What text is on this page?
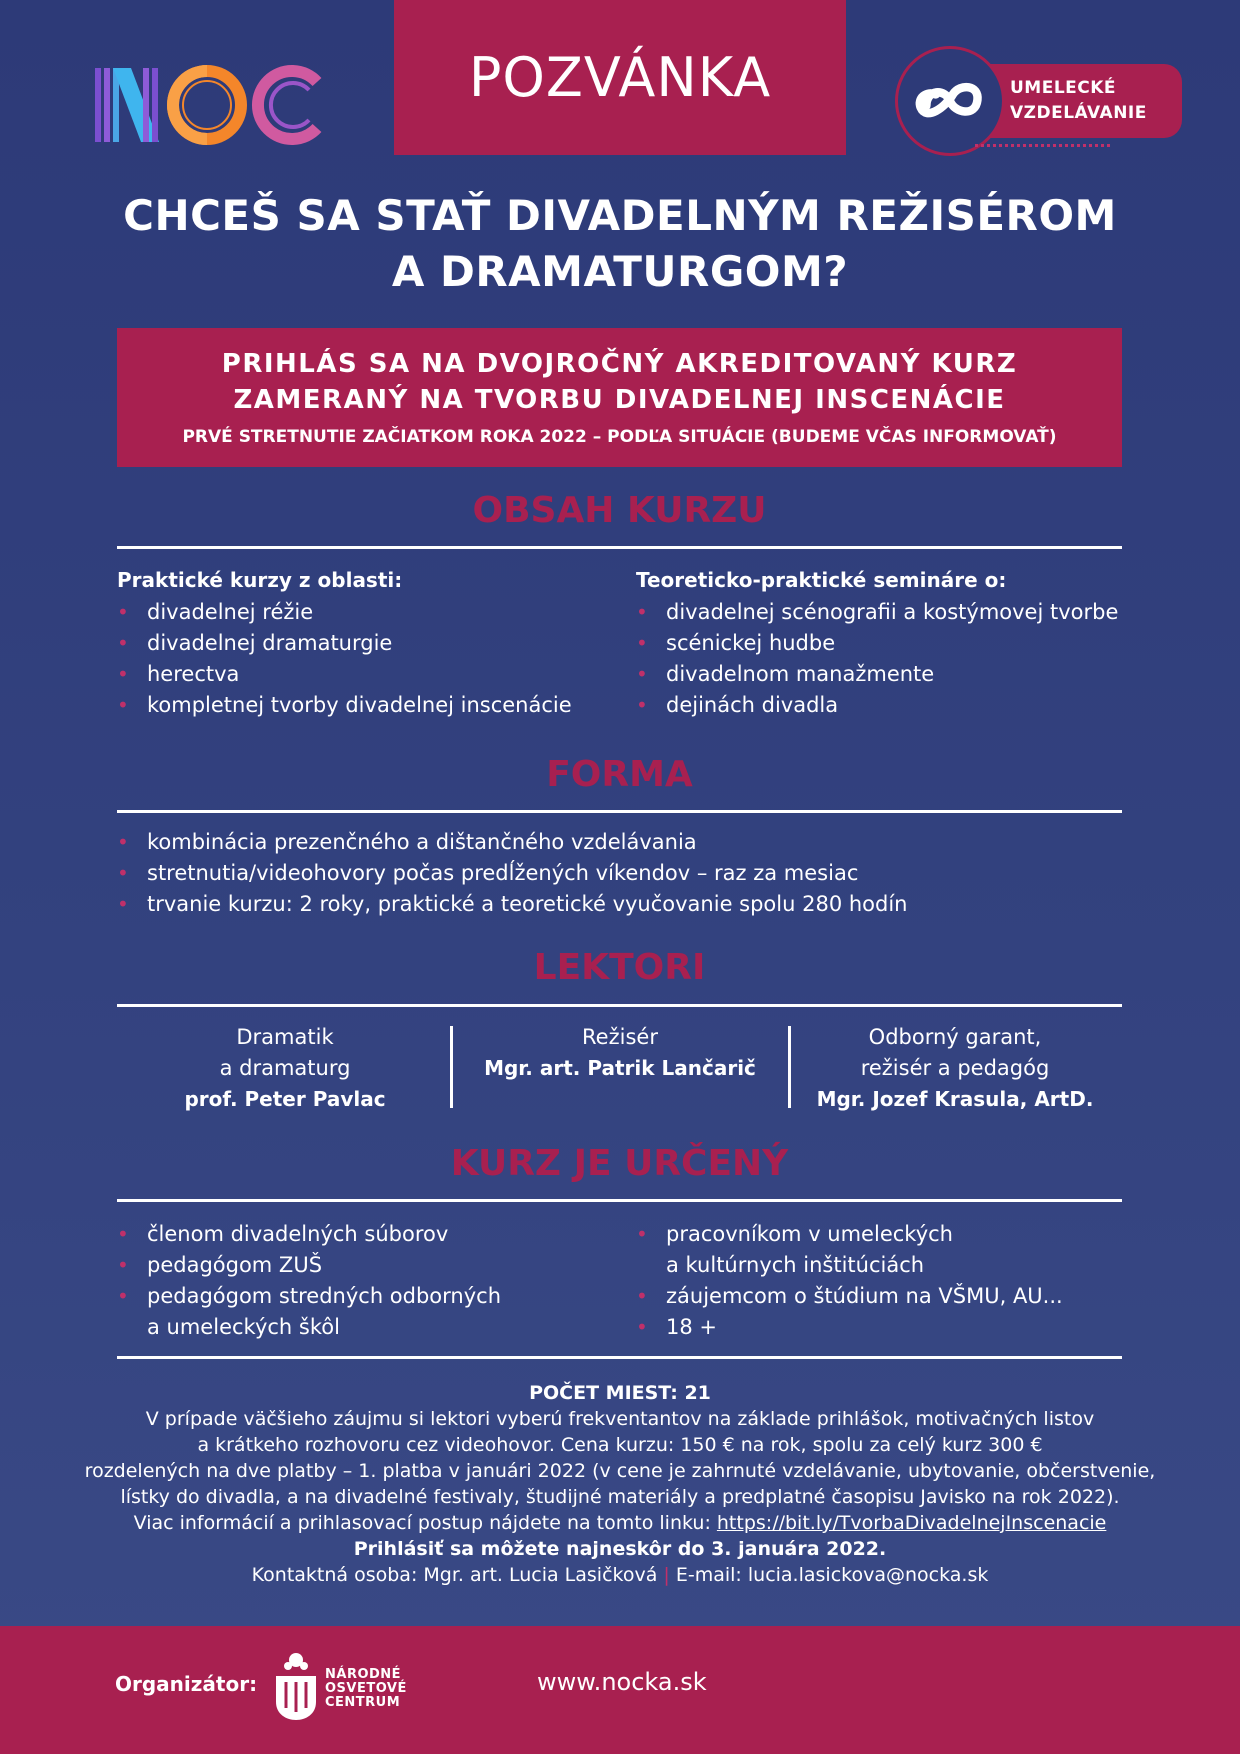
POZVÁNKA	UMELECKÉ
VZDELÁVANIE
CHCEŠ SA STAŤ DIVADELNÝM REŽISÉROM
A DRAMATURGOM?
PRIHLÁS SA NA DVOJROČNÝ AKREDITOVANÝ KURZ
ZAMERANÝ NA TVORBU DIVADELNEJ INSCENÁCIE
PRVÉ STRETNUTIE ZAČIATKOM ROKA 2022 – PODĽA SITUÁCIE (BUDEME VČAS INFORMOVAŤ)
OBSAH KURZU
Praktické kurzy z oblasti:
• divadelnej réžie
• divadelnej dramaturgie
• herectva
• kompletnej tvorby divadelnej inscenácie
Teoreticko-praktické semináre o:
• divadelnej scénografii a kostýmovej tvorbe
• scénickej hudbe
• divadelnom manažmente
• dejinách divadla
FORMA
• kombinácia prezenčného a dištančného vzdelávania
• stretnutia/videohovory počas predĺžených víkendov – raz za mesiac
• trvanie kurzu: 2 roky, praktické a teoretické vyučovanie spolu 280 hodín
LEKTORI
Dramatik
a dramaturg
prof. Peter Pavlac
Režisér
Mgr. art. Patrik Lančarič
Odborný garant,
režisér a pedagóg
Mgr. Jozef Krasula, ArtD.
KURZ JE URČENÝ
• členom divadelných súborov
• pedagógom ZUŠ
• pedagógom stredných odborných
a umeleckých škôl
• pracovníkom v umeleckých
a kultúrnych inštitúciách
• záujemcom o štúdium na VŠMU, AU...
• 18 +
POČET MIEST: 21
V prípade väčšieho záujmu si lektori vyberú frekventantov na základe prihlášok, motivačných listov
a krátkeho rozhovoru cez videohovor. Cena kurzu: 150 € na rok, spolu za celý kurz 300 €
rozdelených na dve platby – 1. platba v januári 2022 (v cene je zahrnuté vzdelávanie, ubytovanie, občerstvenie,
lístky do divadla, a na divadelné festivaly, študijné materiály a predplatné časopisu Javisko na rok 2022).
Viac informácií a prihlasovací postup nájdete na tomto linku: https://bit.ly/TvorbaDivadelnejInscenacie
Prihlásiť sa môžete najneskôr do 3. januára 2022.
Kontaktná osoba: Mgr. art. Lucia Lasičková | E-mail: lucia.lasickova@nocka.sk
Organizátor:	NÁRODNÉ
OSVETOVÉ
CENTRUM
www.nocka.sk
